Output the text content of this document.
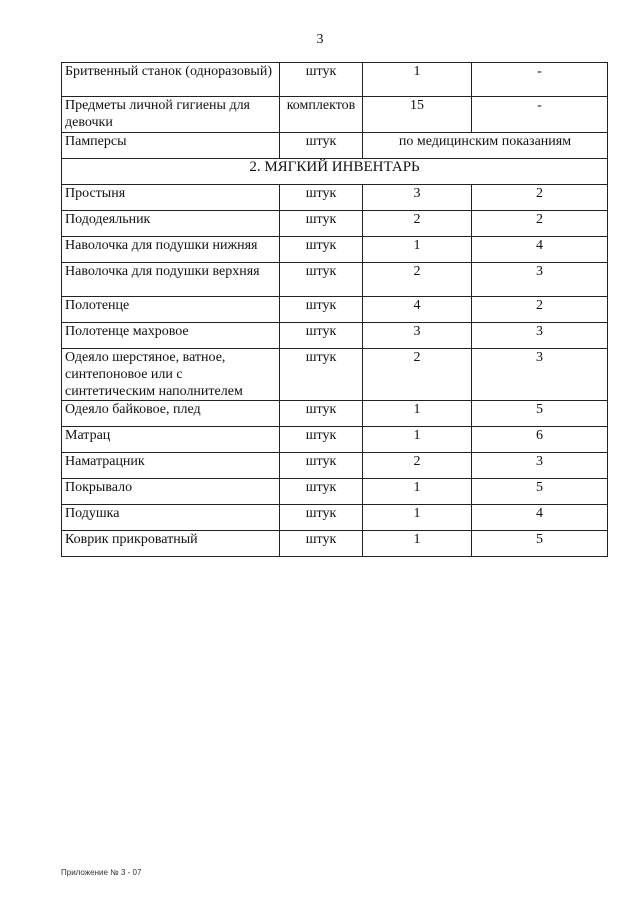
3
Бритвенный станок (одноразовый)	штук	1	-
Предметы личной гигиены для девочки	комплектов	15	-
Памперсы	штук	по медицинским показаниям	
2. МЯГКИЙ ИНВЕНТАРЬ			
Простыня	штук	3	2
Пододеяльник	штук	2	2
Наволочка для подушки нижняя	штук	1	4
Наволочка для подушки верхняя	штук	2	3
Полотенце	штук	4	2
Полотенце махровое	штук	3	3
Одеяло шерстяное, ватное, синтепоновое или с синтетическим наполнителем	штук	2	3
Одеяло байковое, плед	штук	1	5
Матрац	штук	1	6
Наматрацник	штук	2	3
Покрывало	штук	1	5
Подушка	штук	1	4
Коврик прикроватный	штук	1	5
Приложение № 3 - 07
